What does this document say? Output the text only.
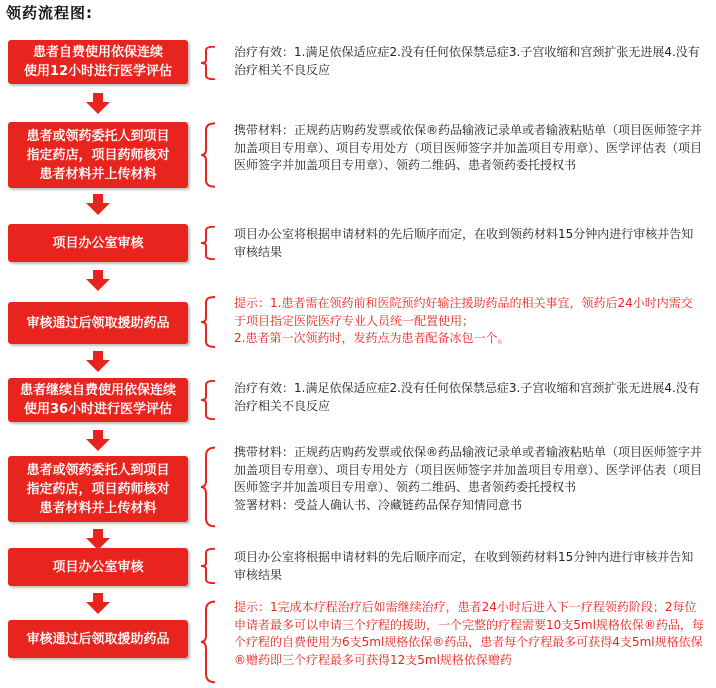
领药流程图:
患者自费使用依保连续
使用12小时进行医学评估
治疗有效：1.满足依保适应症2.没有任何依保禁忌症3.子宫收缩和宫颈扩张无进展4.没有治疗相关不良反应
患者或领药委托人到项目
指定药店，项目药师核对
患者材料并上传材料
携带材料：正规药店购药发票或依保®药品输液记录单或者输液粘贴单（项目医师签字并加盖项目专用章）、项目专用处方（项目医师签字并加盖项目专用章）、医学评估表（项目医师签字并加盖项目专用章）、领药二维码、患者领药委托授权书
项目办公室审核
项目办公室将根据申请材料的先后顺序而定，在收到领药材料15分钟内进行审核并告知审核结果
审核通过后领取援助药品
提示：1.患者需在领药前和医院预约好输注援助药品的相关事宜，领药后24小时内需交于项目指定医院医疗专业人员统一配置使用；
2.患者第一次领药时，发药点为患者配备冰包一个。
患者继续自费使用依保连续
使用36小时进行医学评估
治疗有效：1.满足依保适应症2.没有任何依保禁忌症3.子宫收缩和宫颈扩张无进展4.没有治疗相关不良反应
患者或领药委托人到项目
指定药店，项目药师核对
患者材料并上传材料
携带材料：正规药店购药发票或依保®药品输液记录单或者输液粘贴单（项目医师签字并加盖项目专用章）、项目专用处方（项目医师签字并加盖项目专用章）、医学评估表（项目医师签字并加盖项目专用章）、领药二维码、患者领药委托授权书
签署材料：受益人确认书、冷藏链药品保存知情同意书
项目办公室审核
项目办公室将根据申请材料的先后顺序而定，在收到领药材料15分钟内进行审核并告知审核结果
审核通过后领取援助药品
提示：1完成本疗程治疗后如需继续治疗，患者24小时后进入下一疗程领药阶段；2每位申请者最多可以申请三个疗程的援助，一个完整的疗程需要10支5ml规格依保®药品，每个疗程的自费使用为6支5ml规格依保®药品，患者每个疗程最多可获得4支5ml规格依保®赠药即三个疗程最多可获得12支5ml规格依保赠药
